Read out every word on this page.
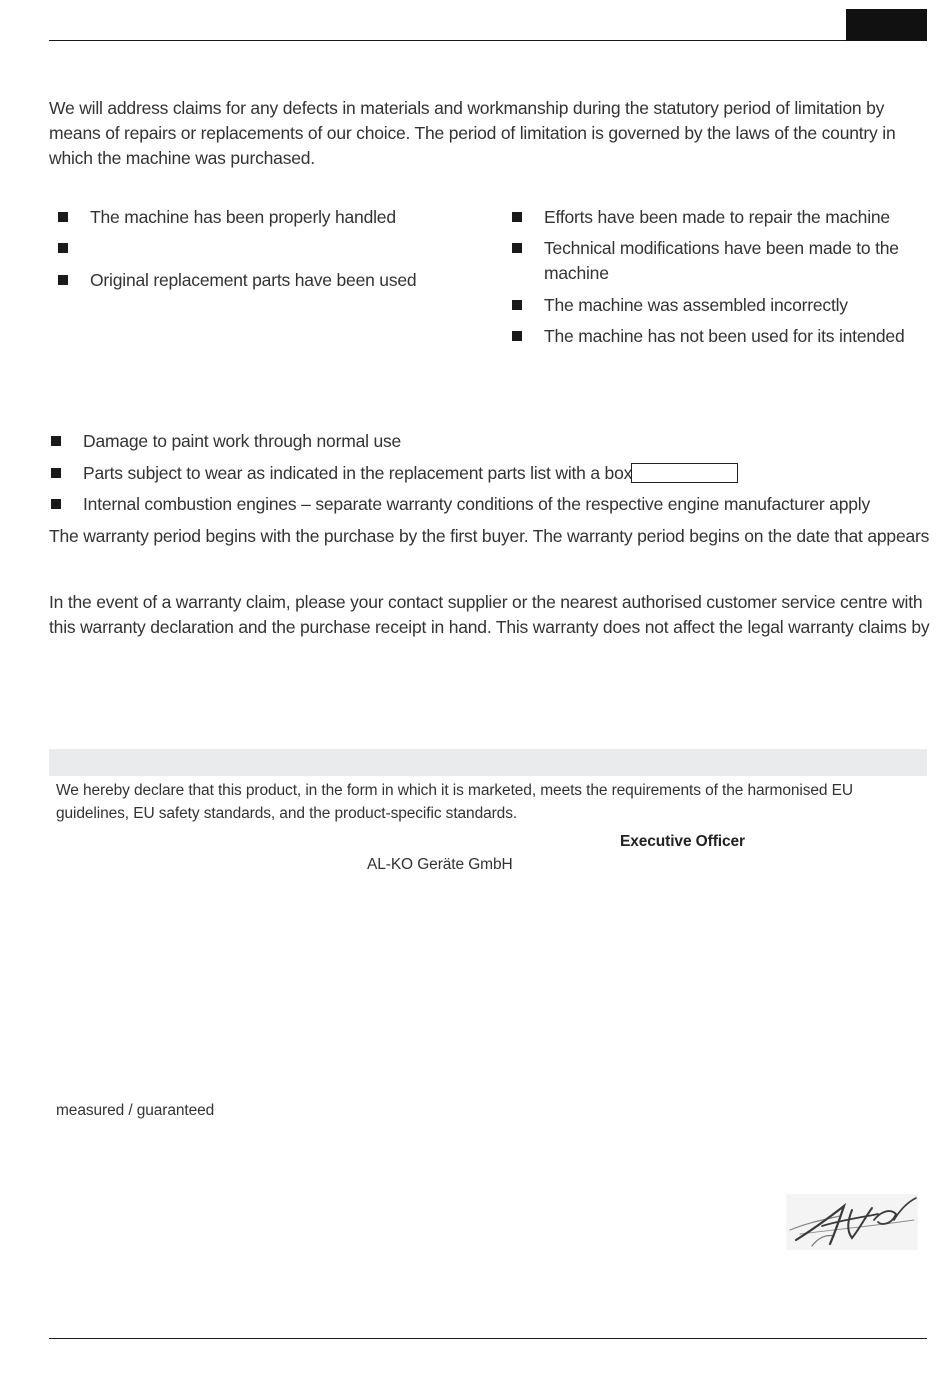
We will address claims for any defects in materials and workmanship during the statutory period of limitation by
means of repairs or replacements of our choice. The period of limitation is governed by the laws of the country in
which the machine was purchased.
The machine has been properly handled
Original replacement parts have been used
Efforts have been made to repair the machine
Technical modifications have been made to the
machine
The machine was assembled incorrectly
The machine has not been used for its intended
Damage to paint work through normal use
Parts subject to wear as indicated in the replacement parts list with a box
Internal combustion engines – separate warranty conditions of the respective engine manufacturer apply
The warranty period begins with the purchase by the first buyer. The warranty period begins on the date that appears
In the event of a warranty claim, please your contact supplier or the nearest authorised customer service centre with
this warranty declaration and the purchase receipt in hand. This warranty does not affect the legal warranty claims by
We hereby declare that this product, in the form in which it is marketed, meets the requirements of the harmonised EU
guidelines, EU safety standards, and the product-specific standards.
Executive Officer
AL-KO Geräte GmbH
measured / guaranteed
